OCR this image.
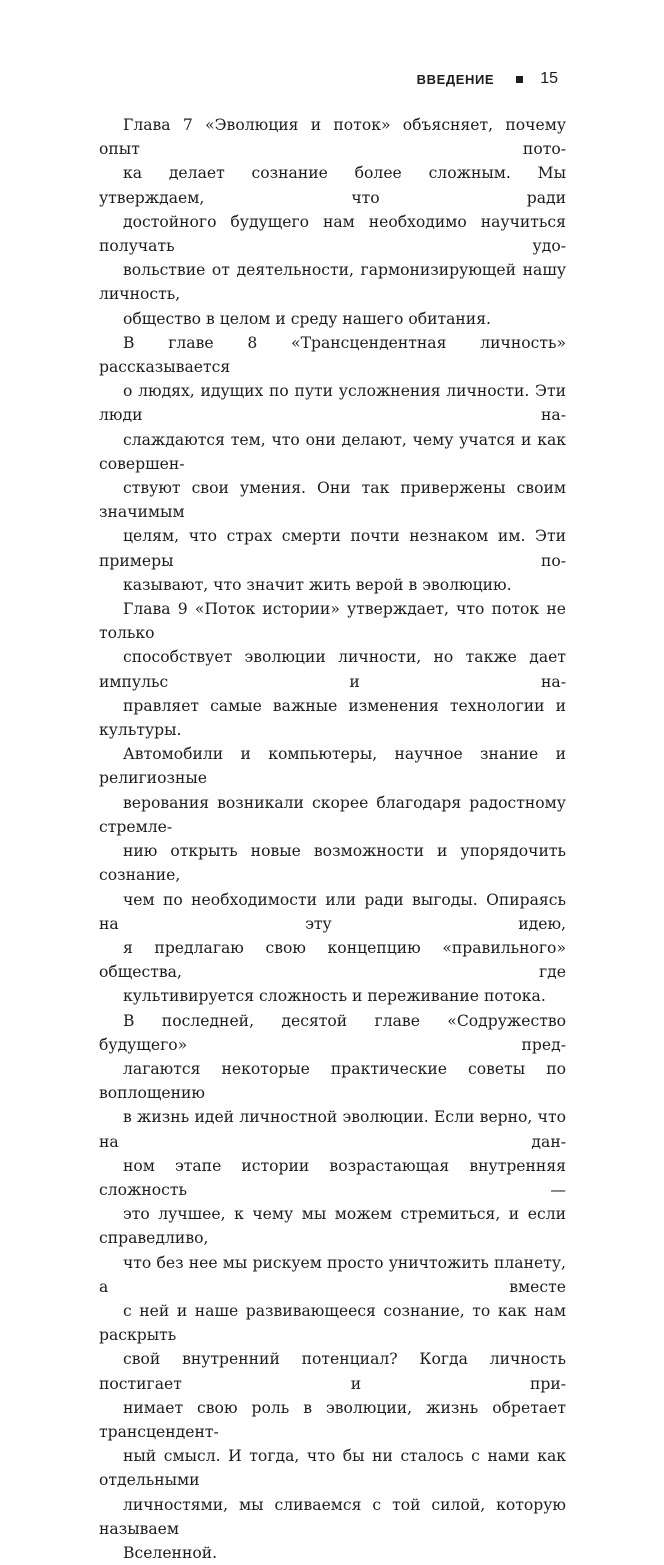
ВВЕДЕНИЕ	15

Глава 7 «Эволюция и поток» объясняет, почему опыт пото-
ка делает сознание более сложным. Мы утверждаем, что ради
достойного будущего нам необходимо научиться получать удо-
вольствие от деятельности, гармонизирующей нашу личность,
общество в целом и среду нашего обитания.

В главе 8 «Трансцендентная личность» рассказывается
о людях, идущих по пути усложнения личности. Эти люди на-
слаждаются тем, что они делают, чему учатся и как совершен-
ствуют свои умения. Они так привержены своим значимым
целям, что страх смерти почти незнаком им. Эти примеры по-
казывают, что значит жить верой в эволюцию.

Глава 9 «Поток истории» утверждает, что поток не только
способствует эволюции личности, но также дает импульс и на-
правляет самые важные изменения технологии и культуры.
Автомобили и компьютеры, научное знание и религиозные
верования возникали скорее благодаря радостному стремле-
нию открыть новые возможности и упорядочить сознание,
чем по необходимости или ради выгоды. Опираясь на эту идею,
я предлагаю свою концепцию «правильного» общества, где
культивируется сложность и переживание потока.

В последней, десятой главе «Содружество будущего» пред-
лагаются некоторые практические советы по воплощению
в жизнь идей личностной эволюции. Если верно, что на дан-
ном этапе истории возрастающая внутренняя сложность —
это лучшее, к чему мы можем стремиться, и если справедливо,
что без нее мы рискуем просто уничтожить планету, а вместе
с ней и наше развивающееся сознание, то как нам раскрыть
свой внутренний потенциал? Когда личность постигает и при-
нимает свою роль в эволюции, жизнь обретает трансцендент-
ный смысл. И тогда, что бы ни сталось с нами как отдельными
личностями, мы сливаемся с той силой, которую называем
Вселенной.
